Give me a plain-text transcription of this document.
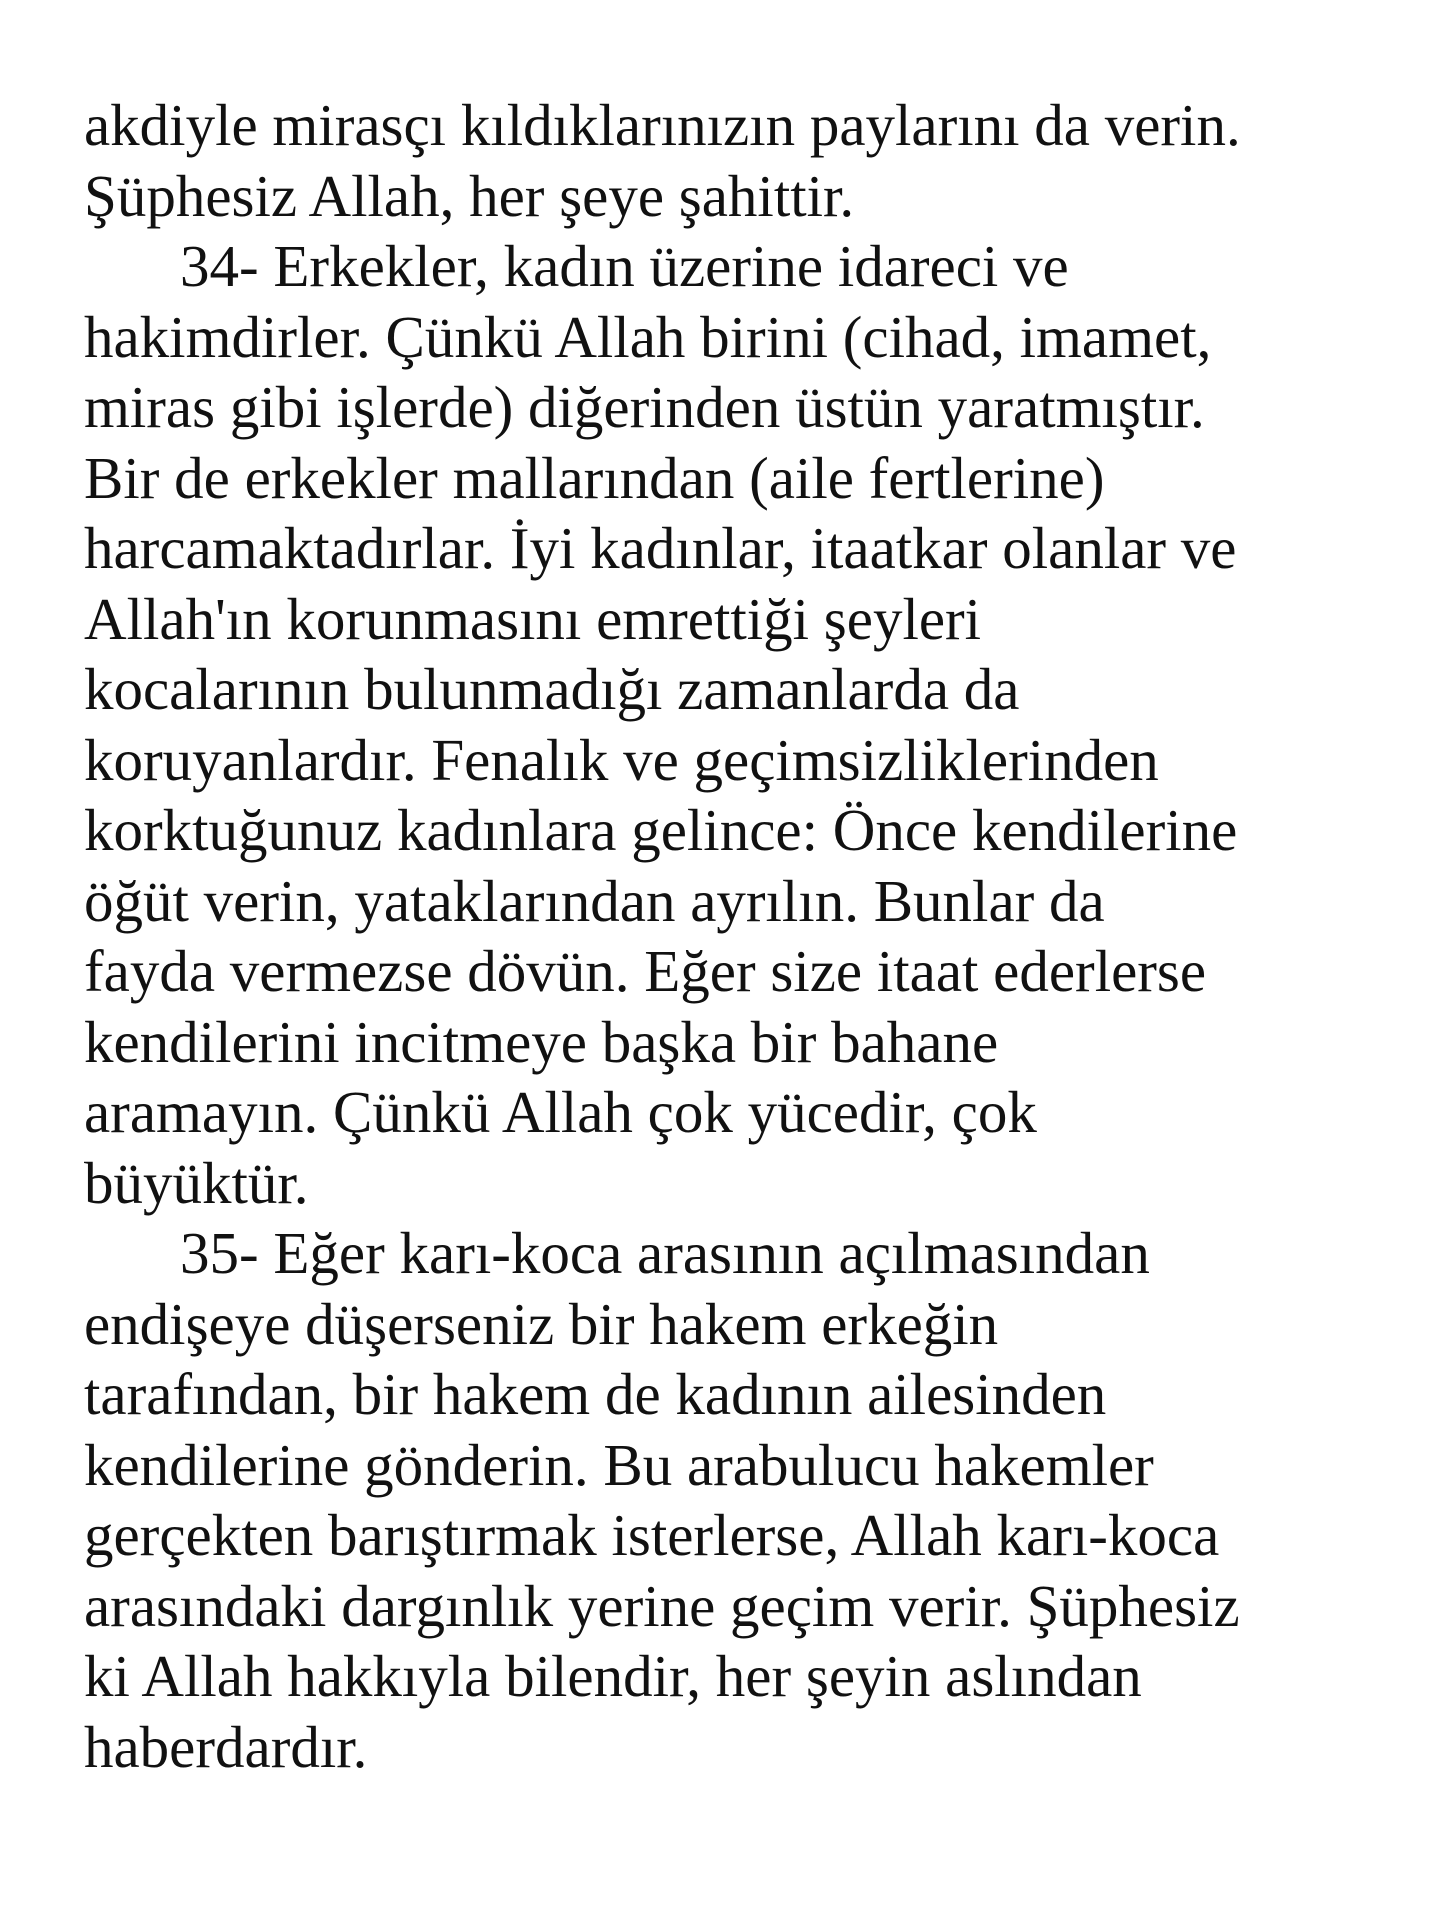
akdiyle mirasçı kıldıklarınızın paylarını da verin.
Şüphesiz Allah, her şeye şahittir.
34- Erkekler, kadın üzerine idareci ve
hakimdirler. Çünkü Allah birini (cihad, imamet,
miras gibi işlerde) diğerinden üstün yaratmıştır.
Bir de erkekler mallarından (aile fertlerine)
harcamaktadırlar. İyi kadınlar, itaatkar olanlar ve
Allah'ın korunmasını emrettiği şeyleri
kocalarının bulunmadığı zamanlarda da
koruyanlardır. Fenalık ve geçimsizliklerinden
korktuğunuz kadınlara gelince: Önce kendilerine
öğüt verin, yataklarından ayrılın. Bunlar da
fayda vermezse dövün. Eğer size itaat ederlerse
kendilerini incitmeye başka bir bahane
aramayın. Çünkü Allah çok yücedir, çok
büyüktür.
35- Eğer karı-koca arasının açılmasından
endişeye düşerseniz bir hakem erkeğin
tarafından, bir hakem de kadının ailesinden
kendilerine gönderin. Bu arabulucu hakemler
gerçekten barıştırmak isterlerse, Allah karı-koca
arasındaki dargınlık yerine geçim verir. Şüphesiz
ki Allah hakkıyla bilendir, her şeyin aslından
haberdardır.
